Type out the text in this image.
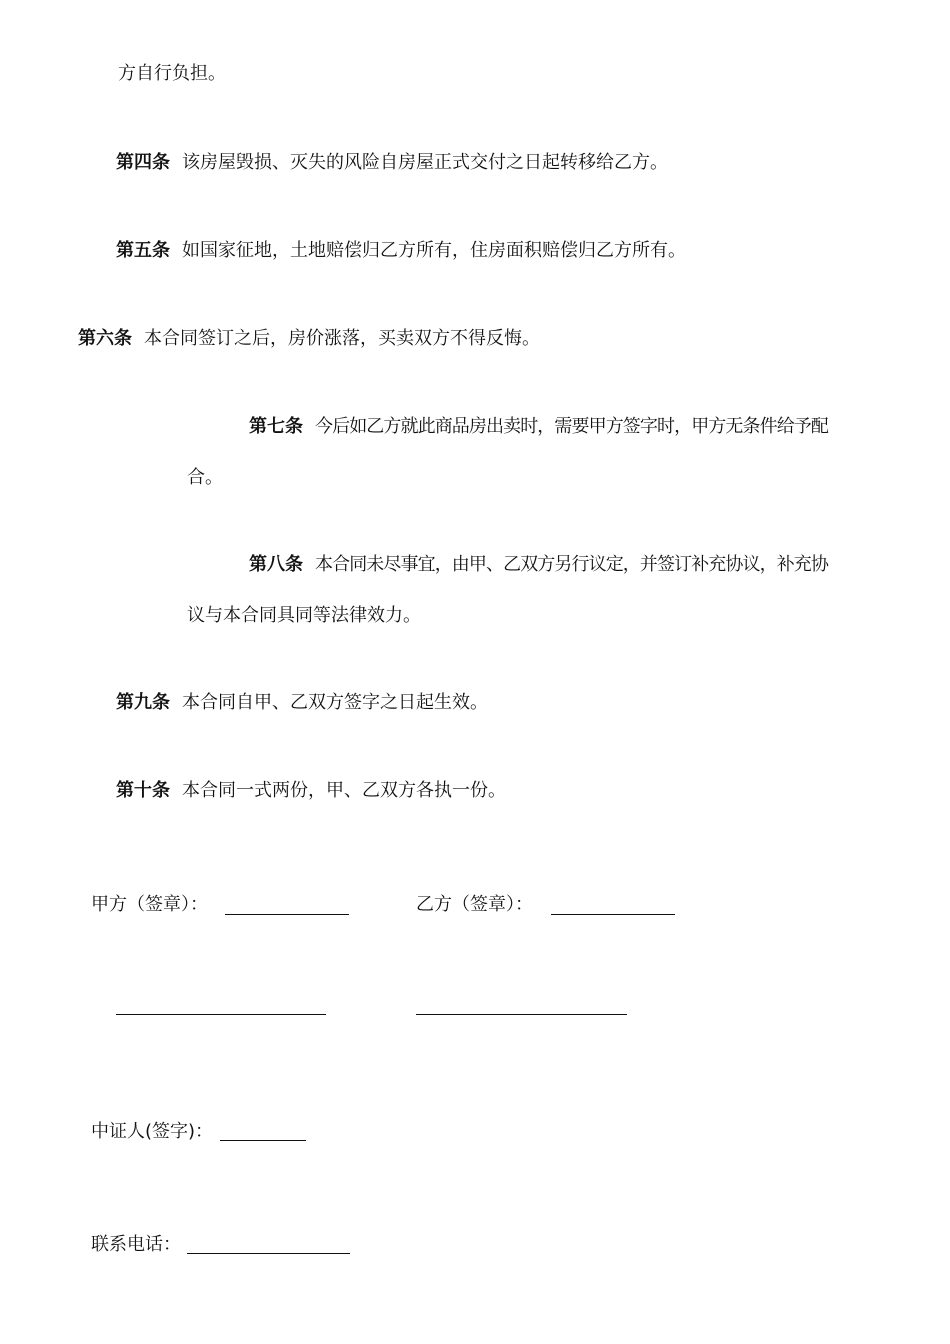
方自行负担。
第四条 该房屋毁损、灭失的风险自房屋正式交付之日起转移给乙方。
第五条 如国家征地，土地赔偿归乙方所有，住房面积赔偿归乙方所有。
第六条 本合同签订之后，房价涨落，买卖双方不得反悔。
第七条 今后如乙方就此商品房出卖时，需要甲方签字时，甲方无条件给予配
合。
第八条 本合同未尽事宜，由甲、乙双方另行议定，并签订补充协议，补充协
议与本合同具同等法律效力。
第九条 本合同自甲、乙双方签字之日起生效。
第十条 本合同一式两份，甲、乙双方各执一份。
甲方（签章）：	乙方（签章）：
中证人(签字)：
联系电话：
